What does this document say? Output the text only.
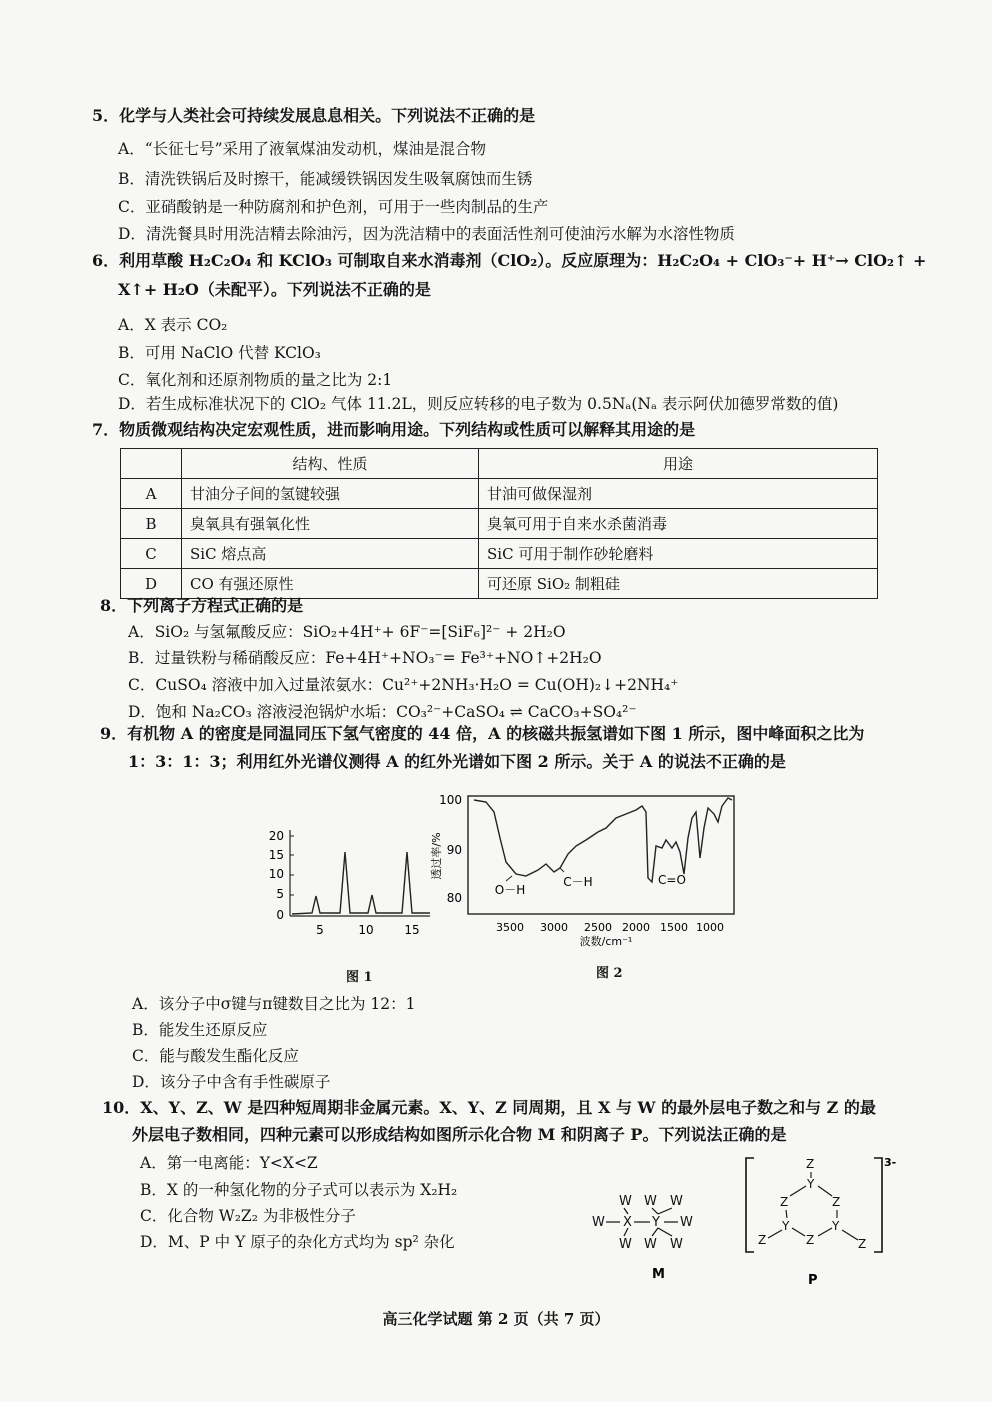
5．化学与人类社会可持续发展息息相关。下列说法不正确的是
A．“长征七号”采用了液氧煤油发动机，煤油是混合物
B．清洗铁锅后及时擦干，能减缓铁锅因发生吸氧腐蚀而生锈
C．亚硝酸钠是一种防腐剂和护色剂，可用于一些肉制品的生产
D．清洗餐具时用洗洁精去除油污，因为洗洁精中的表面活性剂可使油污水解为水溶性物质
6．利用草酸 H₂C₂O₄ 和 KClO₃ 可制取自来水消毒剂（ClO₂）。反应原理为：H₂C₂O₄ + ClO₃⁻+ H⁺→ ClO₂↑ +
X↑+ H₂O（未配平）。下列说法不正确的是
A．X 表示 CO₂
B．可用 NaClO 代替 KClO₃
C．氧化剂和还原剂物质的量之比为 2:1
D．若生成标准状况下的 ClO₂ 气体 11.2L，则反应转移的电子数为 0.5Nₐ(Nₐ 表示阿伏加德罗常数的值)
7．物质微观结构决定宏观性质，进而影响用途。下列结构或性质可以解释其用途的是
	结构、性质	用途
A	甘油分子间的氢键较强	甘油可做保湿剂
B	臭氧具有强氧化性	臭氧可用于自来水杀菌消毒
C	SiC 熔点高	SiC 可用于制作砂轮磨料
D	CO 有强还原性	可还原 SiO₂ 制粗硅
8．下列离子方程式正确的是
A．SiO₂ 与氢氟酸反应：SiO₂+4H⁺+ 6F⁻=[SiF₆]²⁻ + 2H₂O
B．过量铁粉与稀硝酸反应：Fe+4H⁺+NO₃⁻= Fe³⁺+NO↑+2H₂O
C．CuSO₄ 溶液中加入过量浓氨水：Cu²⁺+2NH₃·H₂O = Cu(OH)₂↓+2NH₄⁺
D．饱和 Na₂CO₃ 溶液浸泡锅炉水垢：CO₃²⁻+CaSO₄ ⇌ CaCO₃+SO₄²⁻
9．有机物 A 的密度是同温同压下氢气密度的 44 倍，A 的核磁共振氢谱如下图 1 所示，图中峰面积之比为
1：3：1：3；利用红外光谱仪测得 A 的红外光谱如下图 2 所示。关于 A 的说法不正确的是
20
15
10
5
0
5	10	15
图 1
100
90
80
透过率/%
O－H
C－H	C=O
3500 3000 2500 2000 1500 1000
波数/cm⁻¹
图 2
A．该分子中σ键与π键数目之比为 12：1
B．能发生还原反应
C．能与酸发生酯化反应
D．该分子中含有手性碳原子
10．X、Y、Z、W 是四种短周期非金属元素。X、Y、Z 同周期，且 X 与 W 的最外层电子数之和与 Z 的最
外层电子数相同，四种元素可以形成结构如图所示化合物 M 和阴离子 P。下列说法正确的是
A．第一电离能：Y<X<Z
B．X 的一种氢化物的分子式可以表示为 X₂H₂
C．化合物 W₂Z₂ 为非极性分子
D．M、P 中 Y 原子的杂化方式均为 sp² 杂化
W X Y W
W W W
W W W
M
3-
Z
Y
Z	Z
Y	Y
Z
Z	Z
P
高三化学试题 第 2 页（共 7 页）
